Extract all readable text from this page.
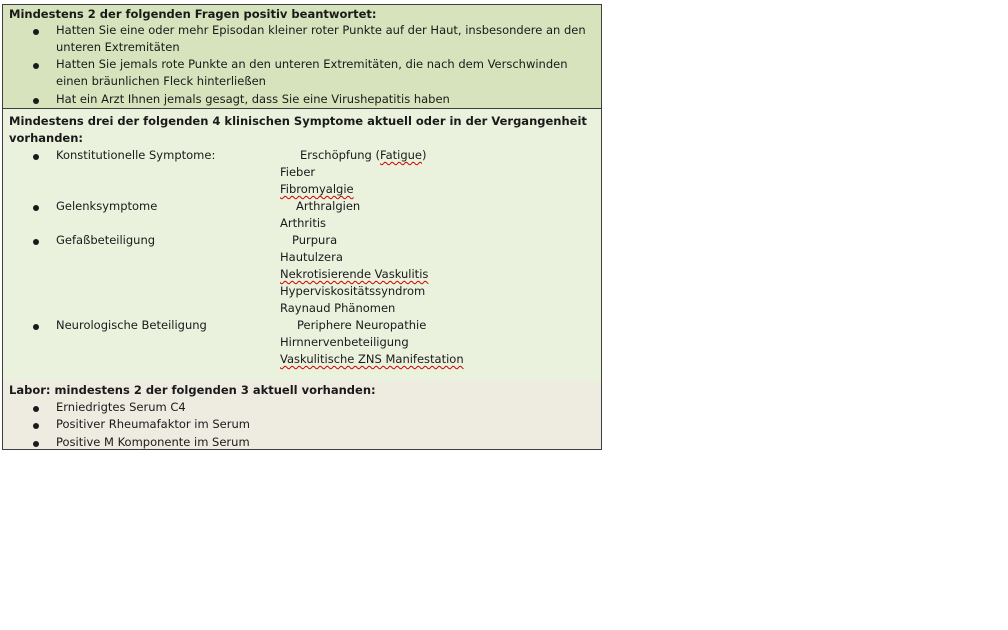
Mindestens 2 der folgenden Fragen positiv beantwortet:
Hatten Sie eine oder mehr Episodan kleiner roter Punkte auf der Haut, insbesondere an den unteren Extremitäten
Hatten Sie jemals rote Punkte an den unteren Extremitäten, die nach dem Verschwinden einen bräunlichen Fleck hinterließen
Hat ein Arzt Ihnen jemals gesagt, dass Sie eine Virushepatitis haben
Mindestens drei der folgenden 4 klinischen Symptome aktuell oder in der Vergangenheit vorhanden:
Konstitutionelle Symptome:	Erschöpfung (Fatigue)
Fieber
Fibromyalgie
Gelenksymptome	Arthralgien
Arthritis
Gefaßbeteiligung	Purpura
Hautulzera
Nekrotisierende Vaskulitis
Hyperviskositätssyndrom
Raynaud Phänomen
Neurologische Beteiligung	Periphere Neuropathie
Hirnnervenbeteiligung
Vaskulitische ZNS Manifestation
Labor: mindestens 2 der folgenden 3 aktuell vorhanden:
Erniedrigtes Serum C4
Positiver Rheumafaktor im Serum
Positive M Komponente im Serum
